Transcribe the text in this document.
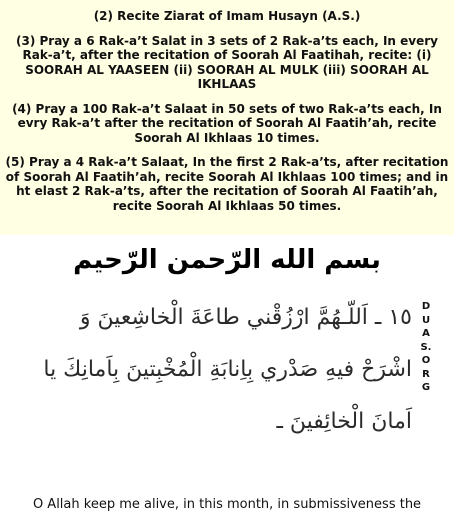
(2) Recite Ziarat of Imam Husayn (A.S.)

(3) Pray a 6 Rak-a’t Salat in 3 sets of 2 Rak-a’ts each, In every Rak-a’t, after the recitation of Soorah Al Faatihah, recite: (i) SOORAH AL YAASEEN (ii) SOORAH AL MULK (iii) SOORAH AL IKHLAAS

(4) Pray a 100 Rak-a’t Salaat in 50 sets of two Rak-a’ts each, In evry Rak-a’t after the recitation of Soorah Al Faatih’ah, recite Soorah Al Ikhlaas 10 times.

(5) Pray a 4 Rak-a’t Salaat, In the first 2 Rak-a’ts, after recitation of Soorah Al Faatih’ah, recite Soorah Al Ikhlaas 100 times; and in ht elast 2 Rak-a’ts, after the recitation of Soorah Al Faatih’ah, recite Soorah Al Ikhlaas 50 times.

بسم الله الرّحمن الرّحيم
١٥ ـ اَللّـهُمَّ ارْزُقْني طاعَةَ الْخاشِعينَ وَ اشْرَحْ فيهِ صَدْري بِاِنابَةِ الْمُخْبِتينَ بِاَمانِكَ يا اَمانَ الْخائِفينَ ـ
DUAS.ORG
O Allah keep me alive, in this month, in submissiveness the
